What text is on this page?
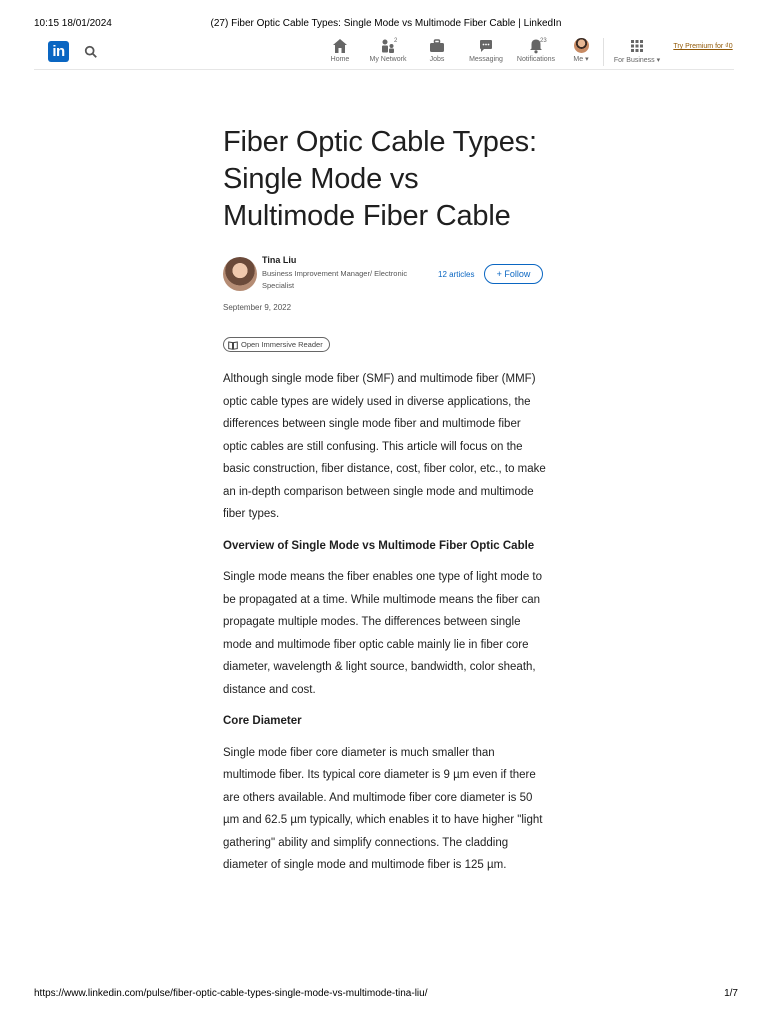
10:15 18/01/2024	(27) Fiber Optic Cable Types: Single Mode vs Multimode Fiber Cable | LinkedIn
in	Home
2
My Network	Jobs	Messaging
23
Notifications	Me ▾	For Business ▾
Try Premium for ₫0
Fiber Optic Cable Types: Single Mode vs Multimode Fiber Cable
Tina Liu
Business Improvement Manager/ Electronic Specialist
12 articles	+ Follow
September 9, 2022
Open Immersive Reader

Although single mode fiber (SMF) and multimode fiber (MMF) optic cable types are widely used in diverse applications, the differences between single mode fiber and multimode fiber optic cables are still confusing. This article will focus on the basic construction, fiber distance, cost, fiber color, etc., to make an in-depth comparison between single mode and multimode fiber types.

Overview of Single Mode vs Multimode Fiber Optic Cable

Single mode means the fiber enables one type of light mode to be propagated at a time. While multimode means the fiber can propagate multiple modes. The differences between single mode and multimode fiber optic cable mainly lie in fiber core diameter, wavelength & light source, bandwidth, color sheath, distance and cost.

Core Diameter

Single mode fiber core diameter is much smaller than multimode fiber. Its typical core diameter is 9 µm even if there are others available. And multimode fiber core diameter is 50 µm and 62.5 µm typically, which enables it to have higher "light gathering" ability and simplify connections. The cladding diameter of single mode and multimode fiber is 125 µm.

https://www.linkedin.com/pulse/fiber-optic-cable-types-single-mode-vs-multimode-tina-liu/	1/7
